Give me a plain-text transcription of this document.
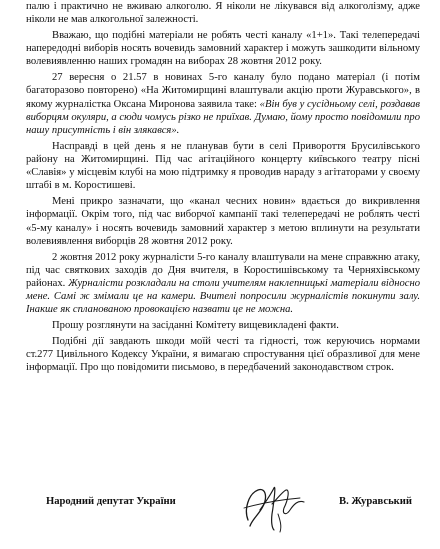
палю і практично не вживаю алкоголю. Я ніколи не лікувався від алкоголізму, адже ніколи не мав алкогольної залежності.

Вважаю, що подібні матеріали не робять честі каналу «1+1». Такі телепередачі напередодні виборів носять вочевидь замовний характер і можуть зашкодити вільному волевиявленню наших громадян на виборах 28 жовтня 2012 року.

27 вересня о 21.57 в новинах 5-го каналу було подано матеріал (і потім багаторазово повторено) «На Житомирщині влаштували акцію проти Журавського», в якому журналістка Оксана Миронова заявила таке: «Він був у сусідньому селі, роздавав виборцям окуляри, а сюди чомусь різко не приїхав. Думаю, йому просто повідомили про нашу присутність і він злякався».

Насправді в цей день я не планував бути в селі Привороття Брусилівського району на Житомирщині. Під час агітаційного концерту київського театру пісні «Славія» у місцевім клубі на мою підтримку я проводив нараду з агітаторами у своєму штабі в м. Коростишеві.

Мені прикро зазначати, що «канал чесних новин» вдається до викривлення інформації. Окрім того, під час виборчої кампанії такі телепередачі не роблять честі «5-му каналу» і носять вочевидь замовний характер з метою вплинути на результати волевиявлення виборців 28 жовтня 2012 року.

2 жовтня 2012 року журналісти 5-го каналу влаштували на мене справжню атаку, під час святкових заходів до Дня вчителя, в Коростишівському та Черняхівському районах. Журналісти розкладали на столи учителям наклепницькі матеріали відносно мене. Самі ж змімали це на камери. Вчителі попросили журналістів покинути залу. Інакше як спланованою провокацією назвати це не можна.

Прошу розглянути на засіданні Комітету вищевикладені факти.

Подібні дії завдають шкоди моїй честі та гідності, тож керуючись нормами ст.277 Цивільного Кодексу України, я вимагаю спростування цієї образливої для мене інформації. Про що повідомити письмово, в передбачений законодавством строк.

Народний депутат України	В. Журавський
